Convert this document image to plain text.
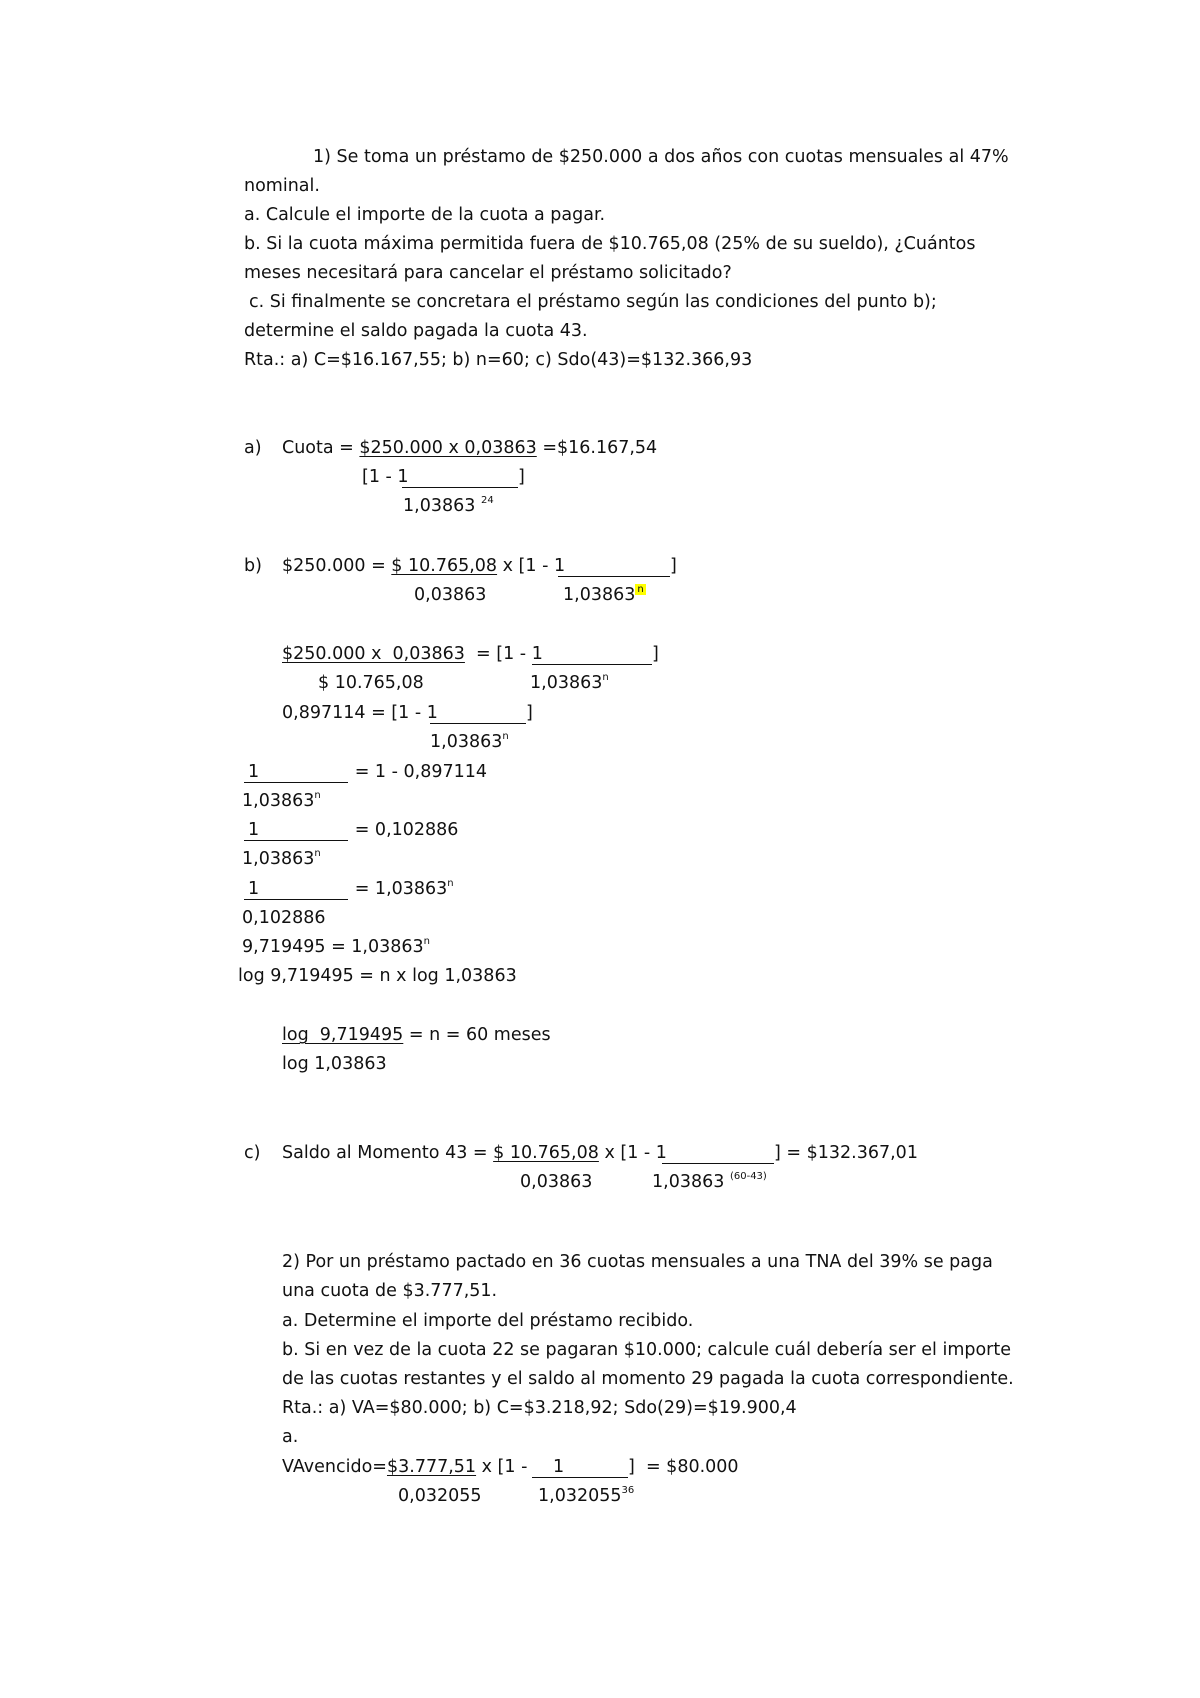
1) Se toma un préstamo de $250.000 a dos años con cuotas mensuales al 47%
nominal.
a. Calcule el importe de la cuota a pagar.
b. Si la cuota máxima permitida fuera de $10.765,08 (25% de su sueldo), ¿Cuántos
meses necesitará para cancelar el préstamo solicitado?
c. Si finalmente se concretara el préstamo según las condiciones del punto b);
determine el saldo pagada la cuota 43.
Rta.: a) C=$16.167,55; b) n=60; c) Sdo(43)=$132.366,93
a) Cuota = $250.000 x 0,03863 =$16.167,54
[1 - 1	]
1,03863 $^{24}$
b) $250.000 = $ 10.765,08 x [1 - 1	]
0,03863	1,03863 $^n$
$250.000 x  0,03863  = [1 - 1	]
$ 10.765,08	1,03863$^n$
0,897114 = [1 - 1	]
1,03863$^n$
1	= 1 - 0,897114
1,03863$^n$
1	= 0,102886
1,03863$^n$
1	= $1,03863^n$
0,102886
$9,719495 = 1,03863^n$
log 9,719495 = n x log 1,03863
log  9,719495 = n = 60 meses
log 1,03863
c) Saldo al Momento 43 = $ 10.765,08 x [1 - 1	] = $132.367,01
0,03863	1,03863 $^{(60-43)}$
2) Por un préstamo pactado en 36 cuotas mensuales a una TNA del 39% se paga
una cuota de $3.777,51.
a. Determine el importe del préstamo recibido.
b. Si en vez de la cuota 22 se pagaran $10.000; calcule cuál debería ser el importe
de las cuotas restantes y el saldo al momento 29 pagada la cuota correspondiente.
Rta.: a) VA=$80.000; b) C=$3.218,92; Sdo(29)=$19.900,4
a.
VAvencido=$3.777,51 x [1 - 1	]  = $80.000
0,032055	1,032055$^{36}$
